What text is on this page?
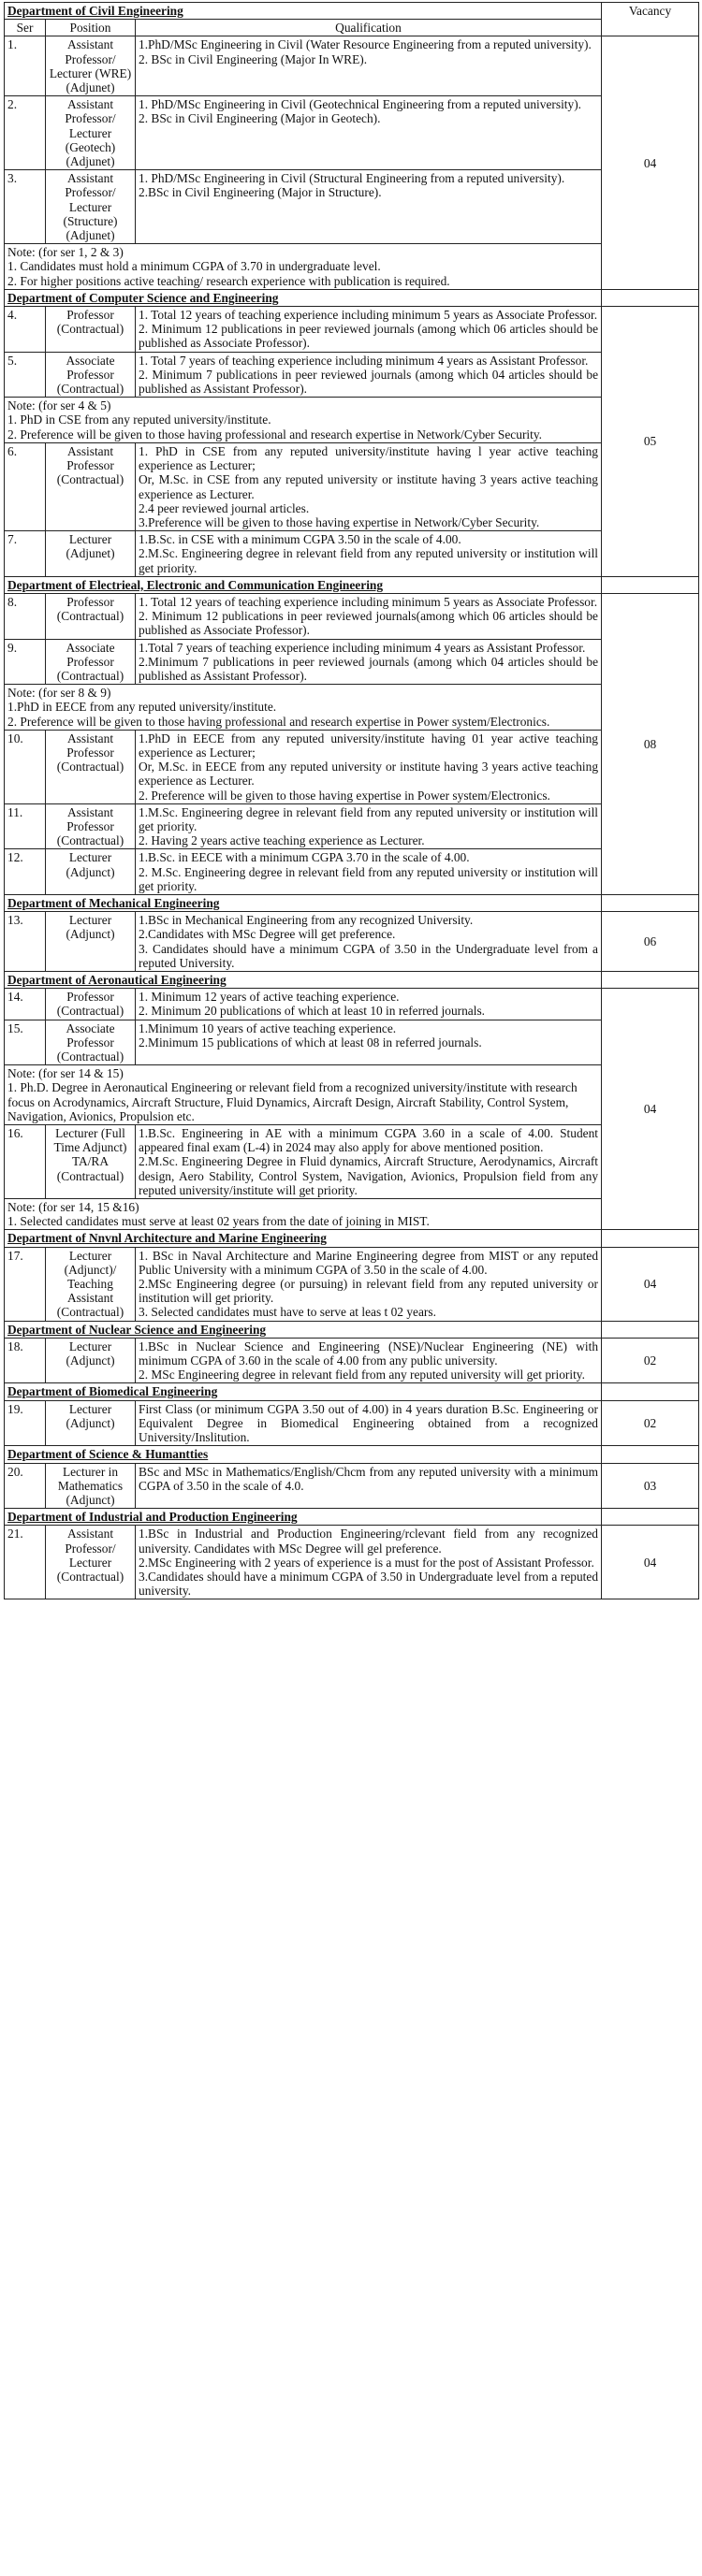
Department of Civil Engineering			Vacancy
Ser	Position	Qualification	
1.	Assistant Professor/ Lecturer (WRE) (Adjunet)	1.PhD/MSc Engineering in Civil (Water Resource Engineering from a reputed university).
2. BSc in Civil Engineering (Major In WRE).	04
2.	Assistant Professor/ Lecturer (Geotech) (Adjunet)	1. PhD/MSc Engineering in Civil (Geotechnical Engineering from a reputed university).
2. BSc in Civil Engineering (Major in Geotech).	

3.	Assistant Professor/ Lecturer (Structure) (Adjunet)	1. PhD/MSc Engineering in Civil (Structural Engineering from a reputed university).
2.BSc in Civil Engineering (Major in Structure).	

Note: (for ser 1, 2 & 3)
1. Candidates must hold a minimum CGPA of 3.70 in undergraduate level.
2. For higher positions active teaching/ research experience with publication is required.			

Department of Computer Science and Engineering			
4.	Professor (Contractual)	1. Total 12 years of teaching experience including minimum 5 years as Associate Professor.
2. Minimum 12 publications in peer reviewed journals (among which 06 articles should be published as Associate Professor).	05
5.	Associate Professor (Contractual)	1. Total 7 years of teaching experience including minimum 4 years as Assistant Professor.
2. Minimum 7 publications in peer reviewed journals (among which 04 articles should be published as Assistant Professor).	

Note: (for ser 4 & 5)
1. PhD in CSE from any reputed university/institute.
2. Preference will be given to those having professional and research expertise in Network/Cyber Security.			

6.	Assistant Professor (Contractual)	1. PhD in CSE from any reputed university/institute having l year active teaching experience as Lecturer;
Or, M.Sc. in CSE from any reputed university or institute having 3 years active teaching experience as Lecturer.
2.4 peer reviewed journal articles.
3.Preference will be given to those having expertise in Network/Cyber Security.	

7.	Lecturer (Adjunet)	1.B.Sc. in CSE with a minimum CGPA 3.50 in the scale of 4.00.
2.M.Sc. Engineering degree in relevant field from any reputed university or institution will get priority.	

Department of Electrieal, Electronic and Communication Engineering			
8.	Professor (Contractual)	1. Total 12 years of teaching experience including minimum 5 years as Associate Professor.
2. Minimum 12 publications in peer reviewed journals(among which 06 articles should be published as Associate Professor).	08
9.	Associate Professor (Contractual)	1.Total 7 years of teaching experience including minimum 4 years as Assistant Professor.
2.Minimum 7 publications in peer reviewed journals (among which 04 articles should be published as Assistant Professor).	

Note: (for ser 8 & 9)
1.PhD in EECE from any reputed university/institute.
2. Preference will be given to those having professional and research expertise in Power system/Electronics.			

10.	Assistant Professor (Contractual)	1.PhD in EECE from any reputed university/institute having 01 year active teaching experience as Lecturer;
Or, M.Sc. in EECE from any reputed university or institute having 3 years active teaching experience as Lecturer.
2. Preference will be given to those having expertise in Power system/Electronics.	

11.	Assistant Professor (Contractual)	1.M.Sc. Engineering degree in relevant field from any reputed university or institution will get priority.
2. Having 2 years active teaching experience as Lecturer.	

12.	Lecturer (Adjunct)	1.B.Sc. in EECE with a minimum CGPA 3.70 in the scale of 4.00.
2. M.Sc. Engineering degree in relevant field from any reputed university or institution will get priority.	

Department of Mechanical Engineering			
13.	Lecturer (Adjunct)	1.BSc in Mechanical Engineering from any recognized University.
2.Candidates with MSc Degree will get preference.
3. Candidates should have a minimum CGPA of 3.50 in the Undergraduate level from a reputed University.	06
Department of Aeronautical Engineering			
14.	Professor (Contractual)	1. Minimum 12 years of active teaching experience.
2. Minimum 20 publications of which at least 10 in referred journals.	04
15.	Associate Professor (Contractual)	1.Minimum 10 years of active teaching experience.
2.Minimum 15 publications of which at least 08 in referred journals.	

Note: (for ser 14 & 15)
1. Ph.D. Degree in Aeronautical Engineering or relevant field from a recognized university/institute with research focus on Acrodynamics, Aircraft Structure, Fluid Dynamics, Aircraft Design, Aircraft Stability, Control System, Navigation, Avionics, Propulsion etc.			

16.	Lecturer (Full Time Adjunct) TA/RA (Contractual)	1.B.Sc. Engineering in AE with a minimum CGPA 3.60 in a scale of 4.00. Student appeared final exam (L-4) in 2024 may also apply for above mentioned position.
2.M.Sc. Engineering Degree in Fluid dynamics, Aircraft Structure, Aerodynamics, Aircraft design, Aero Stability, Control System, Navigation, Avionics, Propulsion field from any reputed university/institute will get priority.	

Note: (for ser 14, 15 &16)
1. Selected candidates must serve at least 02 years from the date of joining in MIST.			

Department of Nnvnl Architecture and Marine Engineering			
17.	Lecturer (Adjunct)/ Teaching Assistant (Contractual)	1. BSc in Naval Architecture and Marine Engineering degree from MIST or any reputed Public University with a minimum CGPA of 3.50 in the scale of 4.00.
2.MSc Engineering degree (or pursuing) in relevant field from any reputed university or institution will get priority.
3. Selected candidates must have to serve at leas t 02 years.	04
Department of Nuclear Science and Engineering			
18.	Lecturer (Adjunct)	1.BSc in Nuclear Science and Engineering (NSE)/Nuclear Engineering (NE) with minimum CGPA of 3.60 in the scale of 4.00 from any public university.
2. MSc Engineering degree in relevant field from any reputed university will get priority.	02
Department of Biomedical Engineering			
19.	Lecturer (Adjunct)	First Class (or minimum CGPA 3.50 out of 4.00) in 4 years duration B.Sc. Engineering or Equivalent Degree in Biomedical Engineering obtained from a recognized University/Inslitution.	02
Department of Science & Humantties			
20.	Lecturer in Mathematics (Adjunct)	BSc and MSc in Mathematics/English/Chcm from any reputed university with a minimum CGPA of 3.50 in the scale of 4.0.	03
Department of Industrial and Production Engineering			
21.	Assistant Professor/ Lecturer (Contractual)	1.BSc in Industrial and Production Engineering/rclevant field from any recognized university. Candidates with MSc Degree will gel preference.
2.MSc Engineering with 2 years of experience is a must for the post of Assistant Professor.
3.Candidates should have a minimum CGPA of 3.50 in Undergraduate level from a reputed university.	04
